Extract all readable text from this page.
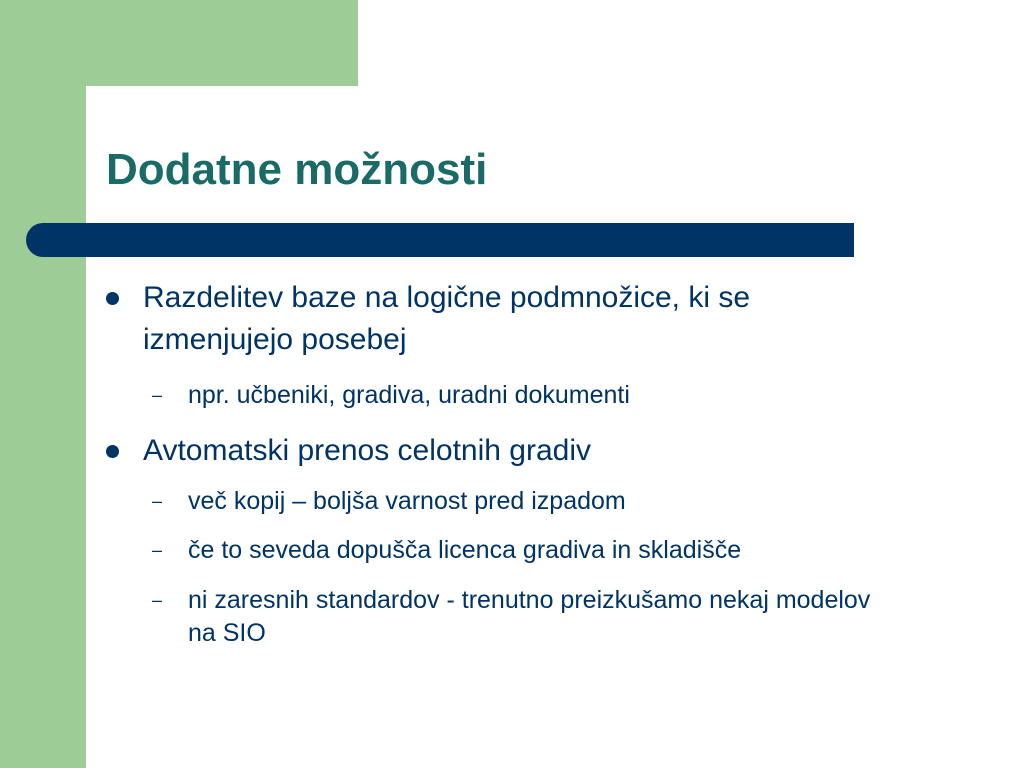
Dodatne možnosti
Razdelitev baze na logične podmnožice, ki se izmenjujejo posebej
–	npr. učbeniki, gradiva, uradni dokumenti
Avtomatski prenos celotnih gradiv
–	več kopij – boljša varnost pred izpadom
–	če to seveda dopušča licenca gradiva in skladišče
–	ni zaresnih standardov - trenutno preizkušamo nekaj modelov na SIO
